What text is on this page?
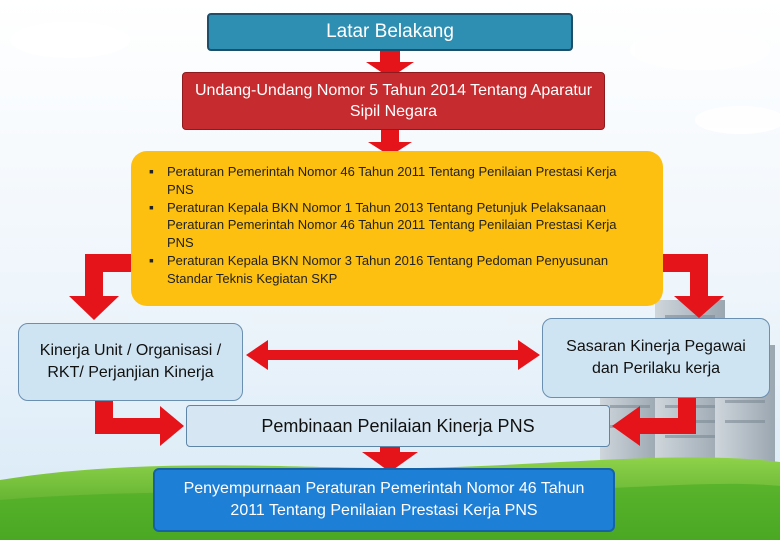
Latar Belakang
Undang-Undang Nomor 5 Tahun 2014 Tentang Aparatur Sipil Negara
▪ Peraturan Pemerintah Nomor 46 Tahun 2011 Tentang Penilaian Prestasi Kerja PNS
▪ Peraturan Kepala BKN Nomor 1 Tahun 2013 Tentang Petunjuk Pelaksanaan Peraturan Pemerintah Nomor 46 Tahun 2011 Tentang Penilaian Prestasi Kerja PNS
▪ Peraturan Kepala BKN Nomor 3 Tahun 2016 Tentang Pedoman Penyusunan Standar Teknis Kegiatan SKP
Kinerja Unit / Organisasi / RKT/ Perjanjian Kinerja
Sasaran Kinerja Pegawai dan Perilaku kerja
Pembinaan Penilaian Kinerja PNS
Penyempurnaan Peraturan Pemerintah Nomor 46 Tahun 2011 Tentang Penilaian Prestasi Kerja PNS
